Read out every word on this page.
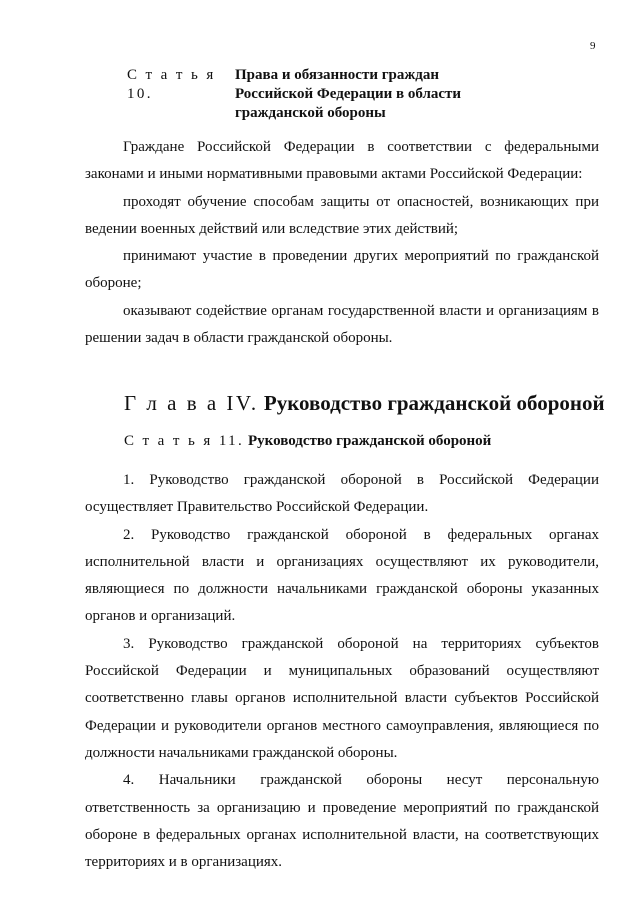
9
С т а т ь я 10.
Права и обязанности граждан
Российской Федерации в области
гражданской обороны

Граждане Российской Федерации в соответствии с федеральными законами и иными нормативными правовыми актами Российской Федерации:

проходят обучение способам защиты от опасностей, возникающих при ведении военных действий или вследствие этих действий;

принимают участие в проведении других мероприятий по гражданской обороне;

оказывают содействие органам государственной власти и организациям в решении задач в области гражданской обороны.

Г л а в а IV. Руководство гражданской обороной
С т а т ь я 11. Руководство гражданской обороной

1. Руководство гражданской обороной в Российской Федерации осуществляет Правительство Российской Федерации.

2. Руководство гражданской обороной в федеральных органах исполнительной власти и организациях осуществляют их руководители, являющиеся по должности начальниками гражданской обороны указанных органов и организаций.

3. Руководство гражданской обороной на территориях субъектов Российской Федерации и муниципальных образований осуществляют соответственно главы органов исполнительной власти субъектов Российской Федерации и руководители органов местного самоуправления, являющиеся по должности начальниками гражданской обороны.

4. Начальники гражданской обороны несут персональную ответственность за организацию и проведение мероприятий по гражданской обороне в федеральных органах исполнительной власти, на соответствующих территориях и в организациях.
